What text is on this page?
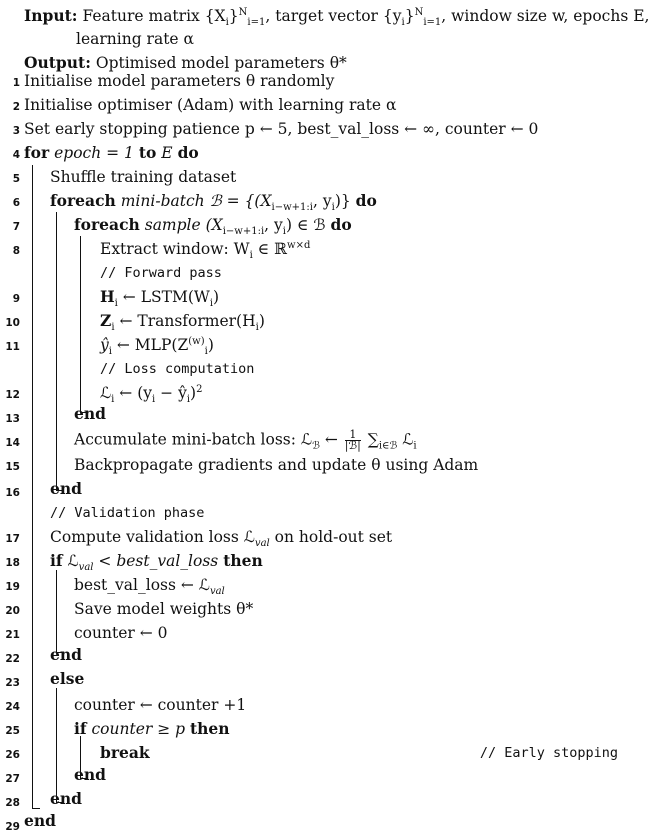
Input: Feature matrix $\{X_i\}^N_{i=1}$, target vector $\{y_i\}^N_{i=1}$, window size w, epochs E,
learning rate α
Output: Optimised model parameters θ*
1 Initialise model parameters θ randomly
2 Initialise optimiser (Adam) with learning rate α
3 Set early stopping patience p ← 5, best_val_loss ← ∞, counter ← 0
4 for epoch = 1 to E do
5 Shuffle training dataset
6 foreach mini-batch ℬ = {($X_{i-w+1:i}$, $y_i$)} do
7	foreach sample ($X_{i-w+1:i}$, $y_i$) ∈ ℬ do
8	Extract window: $W_i$ ∈ ℝ$^{w\times d}$
// Forward pass
9	$H_i$ ← $LSTM(W_i)$
10	$Z_i$ ← $Transformer(H_i)$
11	$ŷ_i$ ← $MLP(Z^{(w)}_i)$
// Loss computation
12	ℒ$_i$ ← ($y_i$ − $ŷ_i)^2$
13	end
14	Accumulate mini-batch loss: ℒ$_ℬ$ ← $\frac{1}{\text{|ℬ|}} \sum_{i\in ℬ}$ ℒ$_i$
15	Backpropagate gradients and update θ using Adam
16 end
// Validation phase
17 Compute validation loss ℒ$_{val}$ on hold-out set
18 if ℒ$_{val}$ < best_val_loss then
19	best_val_loss ← ℒ$_{val}$
20	Save model weights θ*
21	counter ← 0
22 end
23 else
24	counter ← counter +1
25	if counter ≥ p then
26	break	// Early stopping
27	end
28 end
29 end
